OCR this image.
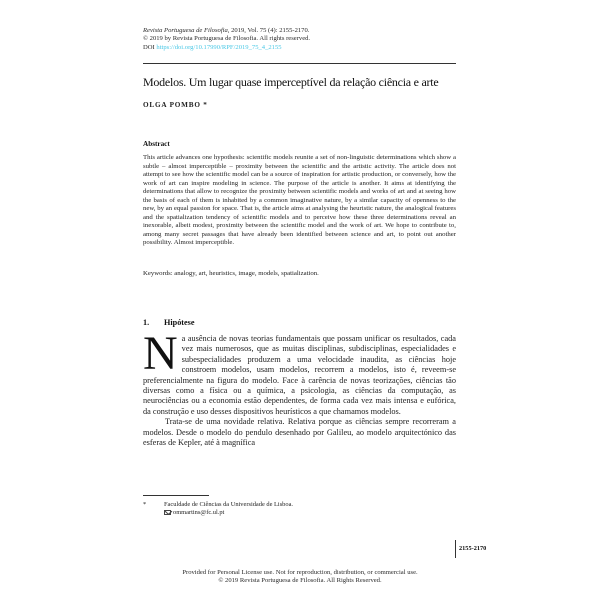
Revista Portuguesa de Filosofia, 2019, Vol. 75 (4): 2155-2170.
© 2019 by Revista Portuguesa de Filosofia. All rights reserved.
DOI https://doi.org/10.17990/RPF/2019_75_4_2155
Modelos. Um lugar quase imperceptível da relação ciência e arte
OLGA POMBO *
Abstract
This article advances one hypothesis: scientific models reunite a set of non-linguistic determinations which show a subtle – almost imperceptible – proximity between the scientific and the artistic activity. The article does not attempt to see how the scientific model can be a source of inspiration for artistic production, or conversely, how the work of art can inspire modeling in science. The purpose of the article is another. It aims at identifying the determinations that allow to recognize the proximity between scientific models and works of art and at seeing how the basis of each of them is inhabited by a common imaginative nature, by a similar capacity of openness to the new, by an equal passion for space. That is, the article aims at analysing the heuristic nature, the analogical features and the spatialization tendency of scientific models and to perceive how these three determinations reveal an inexorable, albeit modest, proximity between the scientific model and the work of art. We hope to contribute to, among many secret passages that have already been identified between science and art, to point out another possibility. Almost imperceptible.
Keywords: analogy, art, heuristics, image, models, spatialization.
1. Hipótese

Na ausência de novas teorias fundamentais que possam unificar os resultados, cada vez mais numerosos, que as muitas disciplinas, subdisciplinas, especialidades e subespecialidades produzem a uma velocidade inaudita, as ciências hoje constroem modelos, usam modelos, recorrem a modelos, isto é, reveem-se preferencialmente na figura do modelo. Face à carência de novas teorizações, ciências tão diversas como a física ou a química, a psicologia, as ciências da computação, as neurociências ou a economia estão dependentes, de forma cada vez mais intensa e eufórica, da construção e uso desses dispositivos heurísticos a que chamamos modelos.

Trata-se de uma novidade relativa. Relativa porque as ciências sempre recorreram a modelos. Desde o modelo do pendulo desenhado por Galileu, ao modelo arquitectónico das esferas de Kepler, até à magnífica

*	Faculdade de Ciências da Universidade de Lisboa.
ommartins@fc.ul.pt
2155-2170
Provided for Personal License use. Not for reproduction, distribution, or commercial use.
© 2019 Revista Portuguesa de Filosofia. All Rights Reserved.
